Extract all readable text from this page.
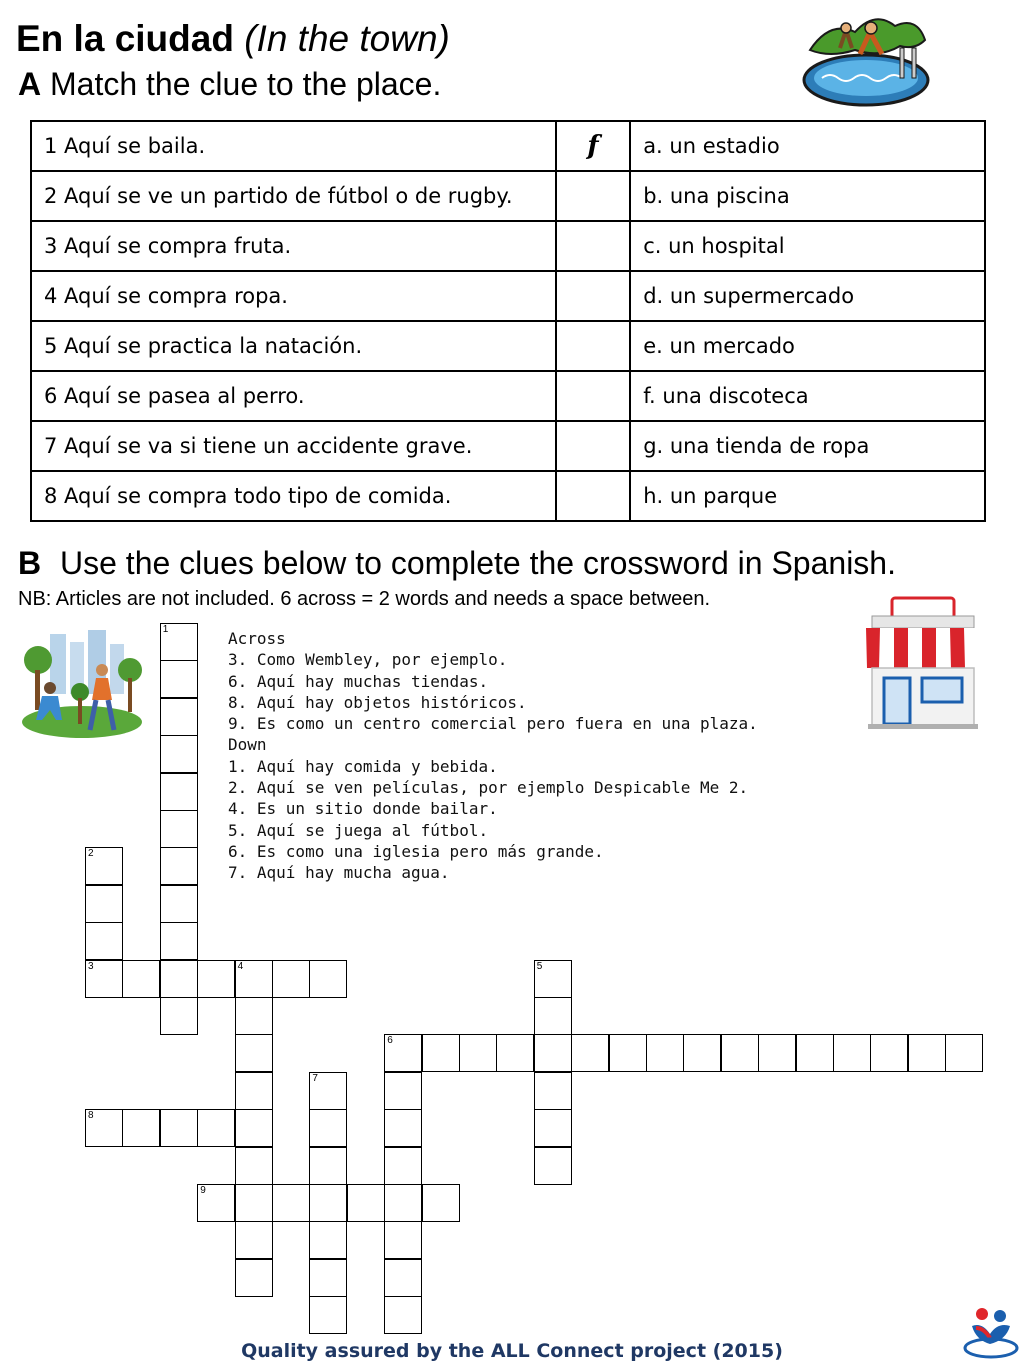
En la ciudad (In the town)
A Match the clue to the place.
1 Aquí se baila.	f	a. un estadio
2 Aquí se ve un partido de fútbol o de rugby.		b. una piscina
3 Aquí se compra fruta.		c. un hospital
4 Aquí se compra ropa.		d. un supermercado
5 Aquí se practica la natación.		e. un mercado
6 Aquí se pasea al perro.		f. una discoteca
7 Aquí se va si tiene un accidente grave.		g. una tienda de ropa
8 Aquí se compra todo tipo de comida.		h. un parque
B Use the clues below to complete the crossword in Spanish.
NB: Articles are not included. 6 across = 2 words and needs a space between.
Across
3. Como Wembley, por ejemplo.
6. Aquí hay muchas tiendas.
8. Aquí hay objetos históricos.
9. Es como un centro comercial pero fuera en una plaza.
Down
1. Aquí hay comida y bebida.
2. Aquí se ven películas, por ejemplo Despicable Me 2.
4. Es un sitio donde bailar.
5. Aquí se juega al fútbol.
6. Es como una iglesia pero más grande.
7. Aquí hay mucha agua.
1
2
3	4	5
6
7
8
9
Quality assured by the ALL Connect project (2015)
